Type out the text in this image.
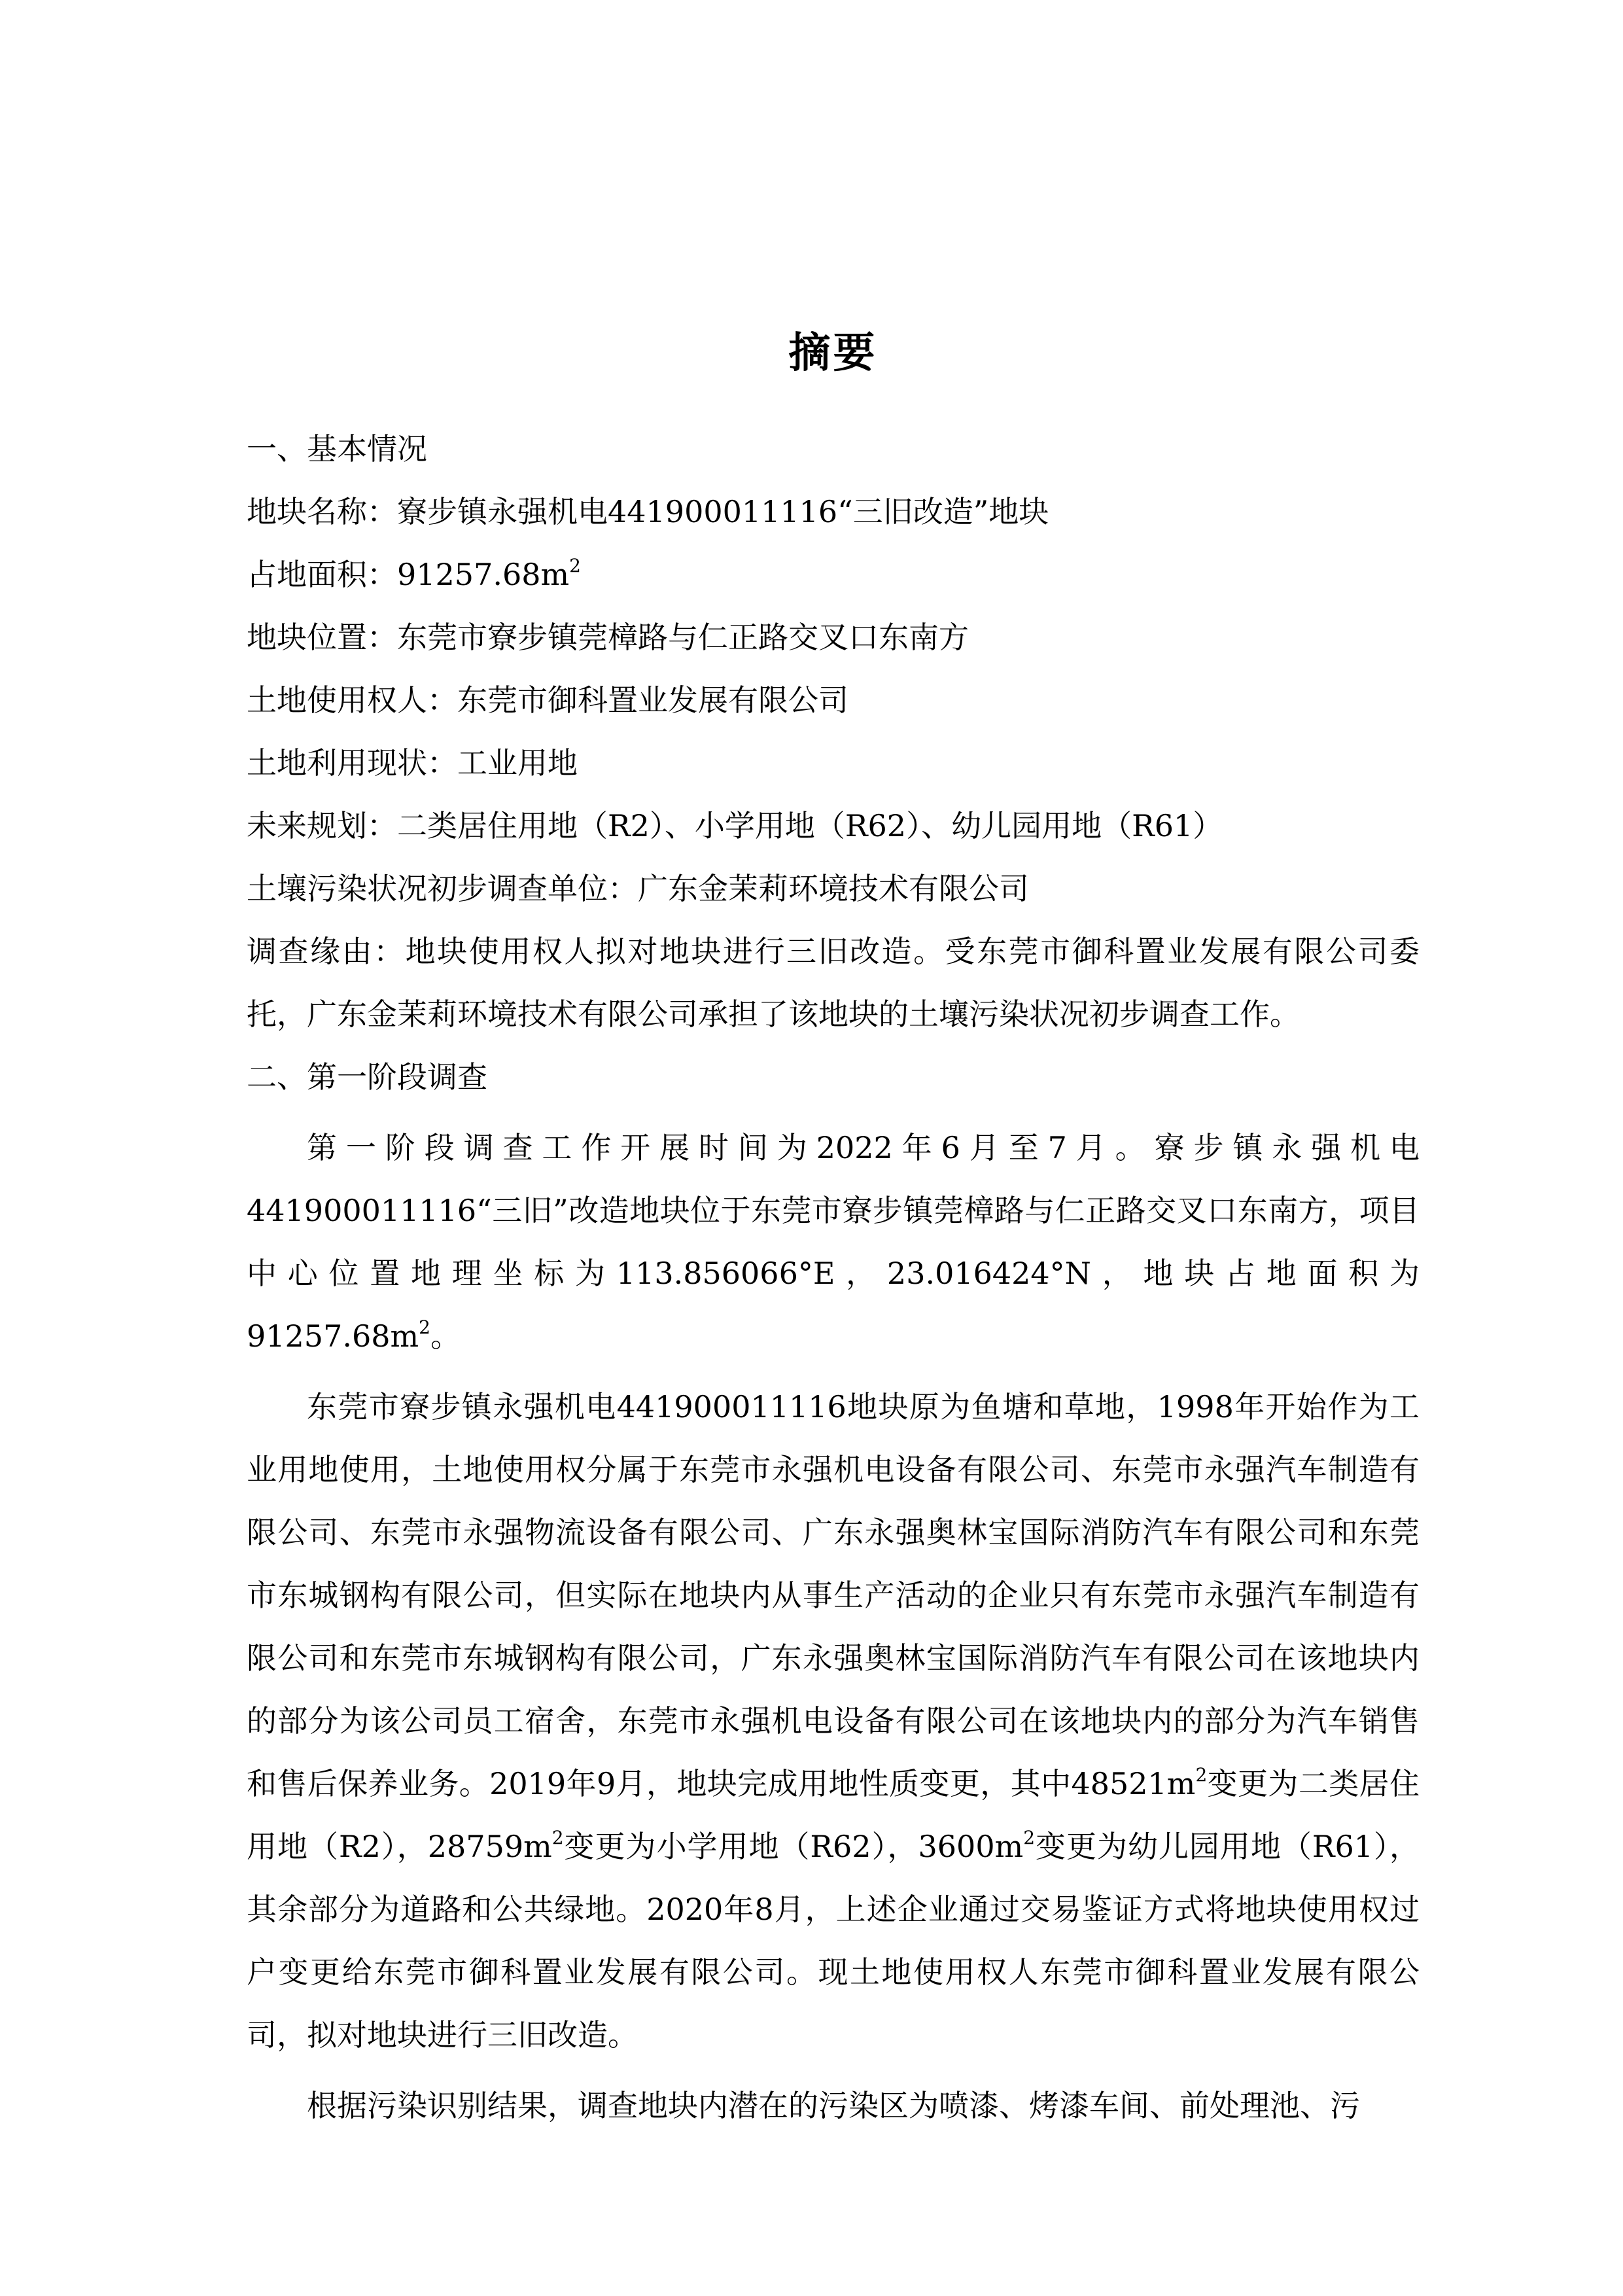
摘要

一、基本情况

地块名称：寮步镇永强机电441900011116“三旧改造”地块

占地面积：$91257.68m^2$

地块位置：东莞市寮步镇莞樟路与仁正路交叉口东南方

土地使用权人：东莞市御科置业发展有限公司

土地利用现状：工业用地

未来规划：二类居住用地（R2）、小学用地（R62）、幼儿园用地（R61）

土壤污染状况初步调查单位：广东金茉莉环境技术有限公司

调查缘由：地块使用权人拟对地块进行三旧改造。受东莞市御科置业发展有限公司委托，广东金茉莉环境技术有限公司承担了该地块的土壤污染状况初步调查工作。

二、第一阶段调查

第一阶段调查工作开展时间为2022年6月至7月。寮步镇永强机电441900011116“三旧”改造地块位于东莞市寮步镇莞樟路与仁正路交叉口东南方，项目中心位置地理坐标为113.856066°E，23.016424°N，地块占地面积为$91257.68m^2$。

东莞市寮步镇永强机电441900011116地块原为鱼塘和草地，1998年开始作为工业用地使用，土地使用权分属于东莞市永强机电设备有限公司、东莞市永强汽车制造有限公司、东莞市永强物流设备有限公司、广东永强奥林宝国际消防汽车有限公司和东莞市东城钢构有限公司，但实际在地块内从事生产活动的企业只有东莞市永强汽车制造有限公司和东莞市东城钢构有限公司，广东永强奥林宝国际消防汽车有限公司在该地块内的部分为该公司员工宿舍，东莞市永强机电设备有限公司在该地块内的部分为汽车销售和售后保养业务。2019年9月，地块完成用地性质变更，其中$48521m^2$变更为二类居住用地（R2），$28759m^2$变更为小学用地（R62），$3600m^2$变更为幼儿园用地（R61），其余部分为道路和公共绿地。2020年8月，上述企业通过交易鉴证方式将地块使用权过户变更给东莞市御科置业发展有限公司。现土地使用权人东莞市御科置业发展有限公司，拟对地块进行三旧改造。

根据污染识别结果，调查地块内潜在的污染区为喷漆、烤漆车间、前处理池、污
